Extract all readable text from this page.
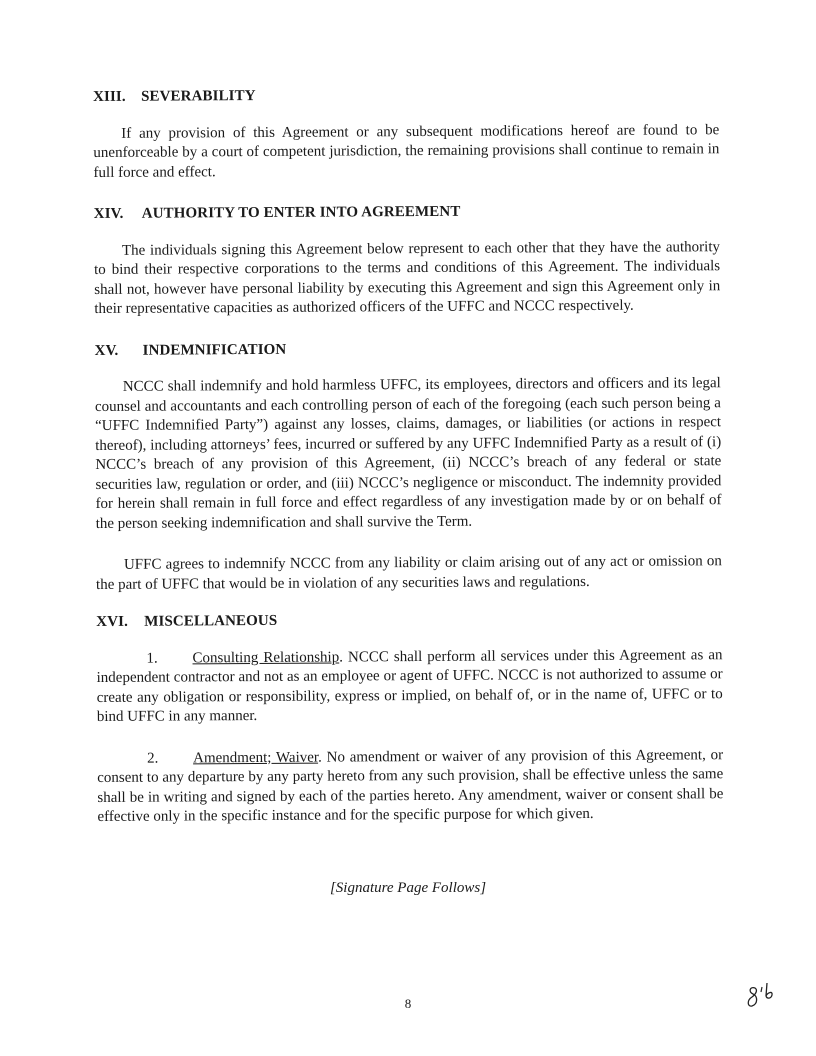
XIII. SEVERABILITY

If any provision of this Agreement or any subsequent modifications hereof are found to be unenforceable by a court of competent jurisdiction, the remaining provisions shall continue to remain in full force and effect.

XIV. AUTHORITY TO ENTER INTO AGREEMENT

The individuals signing this Agreement below represent to each other that they have the authority to bind their respective corporations to the terms and conditions of this Agreement. The individuals shall not, however have personal liability by executing this Agreement and sign this Agreement only in their representative capacities as authorized officers of the UFFC and NCCC respectively.

XV. INDEMNIFICATION

NCCC shall indemnify and hold harmless UFFC, its employees, directors and officers and its legal counsel and accountants and each controlling person of each of the foregoing (each such person being a “UFFC Indemnified Party”) against any losses, claims, damages, or liabilities (or actions in respect thereof), including attorneys’ fees, incurred or suffered by any UFFC Indemnified Party as a result of (i) NCCC’s breach of any provision of this Agreement, (ii) NCCC’s breach of any federal or state securities law, regulation or order, and (iii) NCCC’s negligence or misconduct. The indemnity provided for herein shall remain in full force and effect regardless of any investigation made by or on behalf of the person seeking indemnification and shall survive the Term.

UFFC agrees to indemnify NCCC from any liability or claim arising out of any act or omission on the part of UFFC that would be in violation of any securities laws and regulations.

XVI. MISCELLANEOUS

1. Consulting Relationship. NCCC shall perform all services under this Agreement as an independent contractor and not as an employee or agent of UFFC. NCCC is not authorized to assume or create any obligation or responsibility, express or implied, on behalf of, or in the name of, UFFC or to bind UFFC in any manner.

2. Amendment; Waiver. No amendment or waiver of any provision of this Agreement, or consent to any departure by any party hereto from any such provision, shall be effective unless the same shall be in writing and signed by each of the parties hereto. Any amendment, waiver or consent shall be effective only in the specific instance and for the specific purpose for which given.

[Signature Page Follows]
8
